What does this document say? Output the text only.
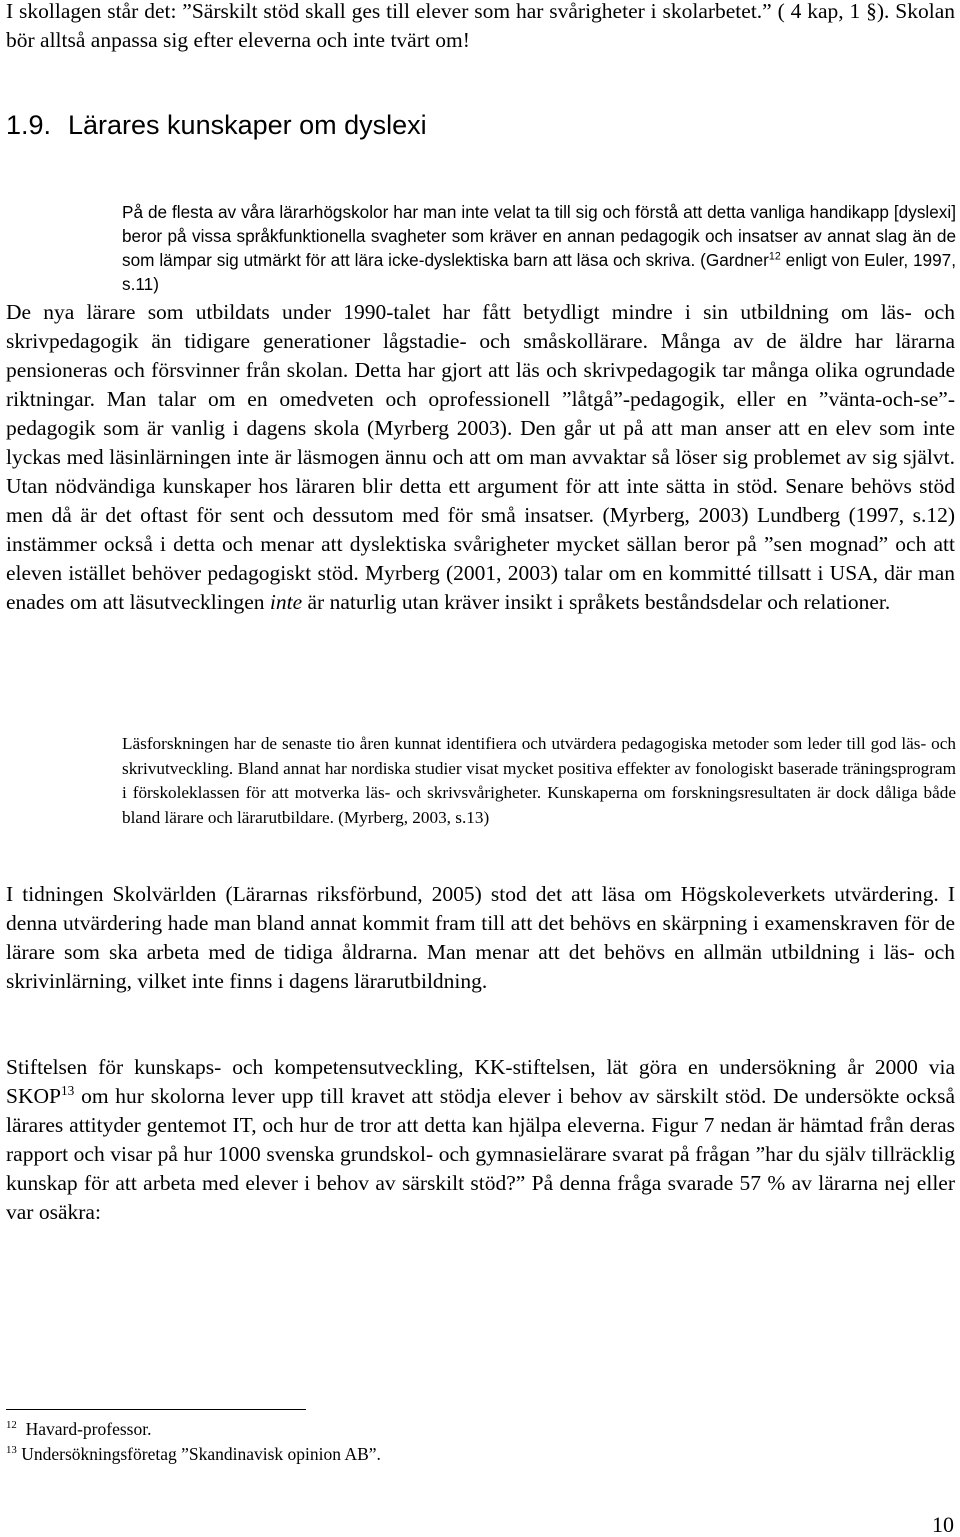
I skollagen står det: ”Särskilt stöd skall ges till elever som har svårigheter i skolarbetet.” ( 4 kap, 1 §). Skolan bör alltså anpassa sig efter eleverna och inte tvärt om!

1.9. Lärares kunskaper om dyslexi

På de flesta av våra lärarhögskolor har man inte velat ta till sig och förstå att detta vanliga handikapp [dyslexi] beror på vissa språkfunktionella svagheter som kräver en annan pedagogik och insatser av annat slag än de som lämpar sig utmärkt för att lära icke-dyslektiska barn att läsa och skriva. (Gardner$^{12}$ enligt von Euler, 1997, s.11)

De nya lärare som utbildats under 1990-talet har fått betydligt mindre i sin utbildning om läs- och skrivpedagogik än tidigare generationer lågstadie- och småskollärare. Många av de äldre har lärarna pensioneras och försvinner från skolan. Detta har gjort att läs och skrivpedagogik tar många olika ogrundade riktningar. Man talar om en omedveten och oprofessionell ”låtgå”-pedagogik, eller en ”vänta-och-se”-pedagogik som är vanlig i dagens skola (Myrberg 2003). Den går ut på att man anser att en elev som inte lyckas med läsinlärningen inte är läsmogen ännu och att om man avvaktar så löser sig problemet av sig självt. Utan nödvändiga kunskaper hos läraren blir detta ett argument för att inte sätta in stöd. Senare behövs stöd men då är det oftast för sent och dessutom med för små insatser. (Myrberg, 2003) Lundberg (1997, s.12) instämmer också i detta och menar att dyslektiska svårigheter mycket sällan beror på ”sen mognad” och att eleven istället behöver pedagogiskt stöd. Myrberg (2001, 2003) talar om en kommitté tillsatt i USA, där man enades om att läsutvecklingen inte är naturlig utan kräver insikt i språkets beståndsdelar och relationer.

Läsforskningen har de senaste tio åren kunnat identifiera och utvärdera pedagogiska metoder som leder till god läs- och skrivutveckling. Bland annat har nordiska studier visat mycket positiva effekter av fonologiskt baserade träningsprogram i förskoleklassen för att motverka läs- och skrivsvårigheter. Kunskaperna om forskningsresultaten är dock dåliga både bland lärare och lärarutbildare. (Myrberg, 2003, s.13)

I tidningen Skolvärlden (Lärarnas riksförbund, 2005) stod det att läsa om Högskoleverkets utvärdering. I denna utvärdering hade man bland annat kommit fram till att det behövs en skärpning i examenskraven för de lärare som ska arbeta med de tidiga åldrarna. Man menar att det behövs en allmän utbildning i läs- och skrivinlärning, vilket inte finns i dagens lärarutbildning.

Stiftelsen för kunskaps- och kompetensutveckling, KK-stiftelsen, lät göra en undersökning år 2000 via SKOP$^{13}$ om hur skolorna lever upp till kravet att stödja elever i behov av särskilt stöd. De undersökte också lärares attityder gentemot IT, och hur de tror att detta kan hjälpa eleverna. Figur 7 nedan är hämtad från deras rapport och visar på hur 1000 svenska grundskol- och gymnasielärare svarat på frågan ”har du själv tillräcklig kunskap för att arbeta med elever i behov av särskilt stöd?” På denna fråga svarade 57 % av lärarna nej eller var osäkra:

$^{12}$ Havard-professor.

$^{13}$ Undersökningsföretag ”Skandinavisk opinion AB”.

10
